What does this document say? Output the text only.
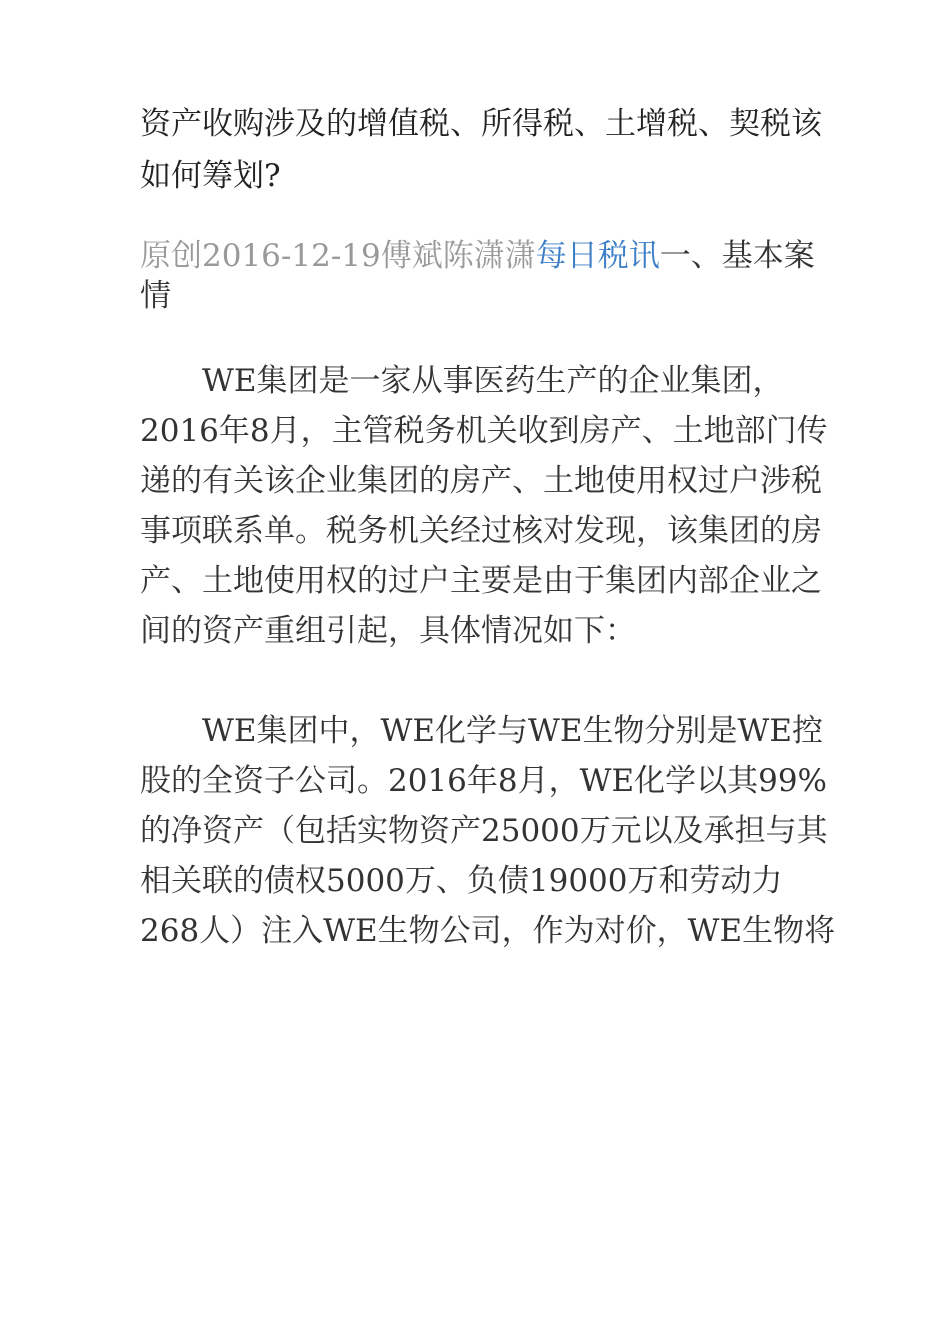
资产收购涉及的增值税、所得税、土增税、契税该如何筹划?
原创2016-12-19傅斌陈潇潇每日税讯一、基本案情

WE集团是一家从事医药生产的企业集团，2016年8月，主管税务机关收到房产、土地部门传递的有关该企业集团的房产、土地使用权过户涉税事项联系单。税务机关经过核对发现，该集团的房产、土地使用权的过户主要是由于集团内部企业之间的资产重组引起，具体情况如下：

WE集团中，WE化学与WE生物分别是WE控股的全资子公司。2016年8月，WE化学以其99%的净资产（包括实物资产25000万元以及承担与其相关联的债权5000万、负债19000万和劳动力268人）注入WE生物公司，作为对价，WE生物将
